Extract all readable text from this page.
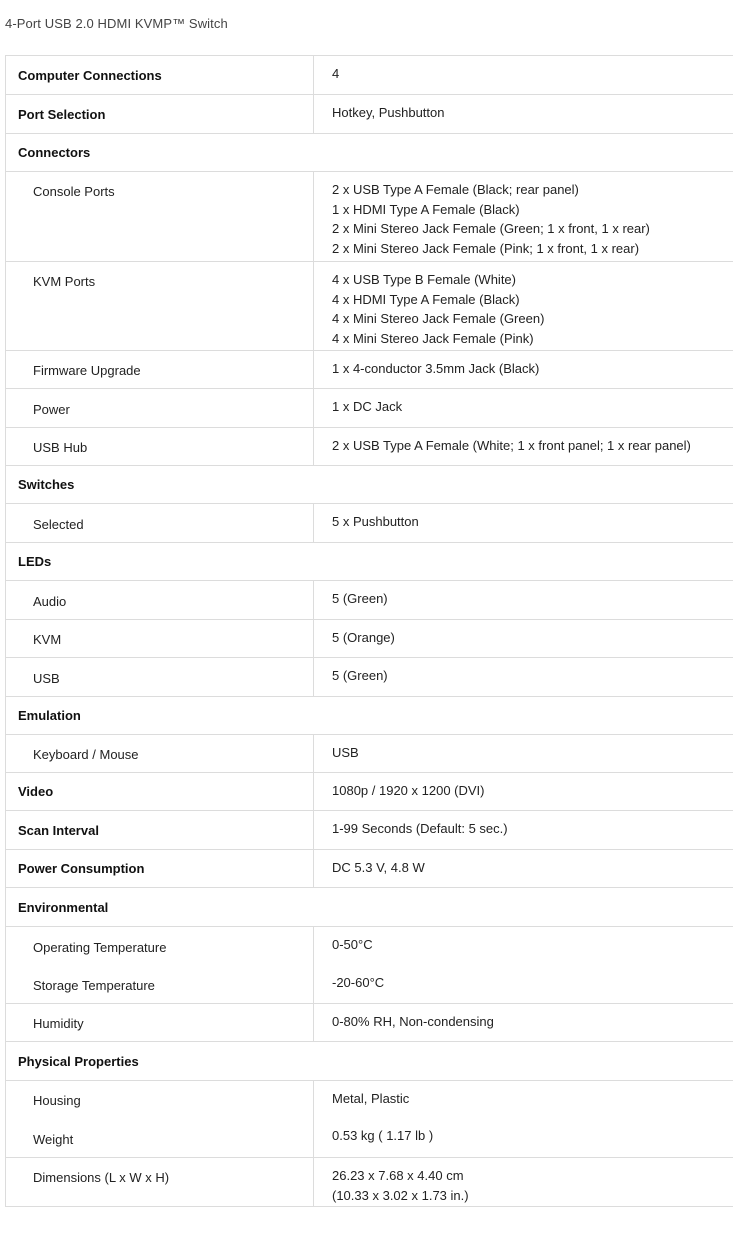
4-Port USB 2.0 HDMI KVMP™ Switch
Computer Connections	4
Port Selection	Hotkey, Pushbutton
Connectors
Console Ports	2 x USB Type A Female (Black; rear panel)
1 x HDMI Type A Female (Black)
2 x Mini Stereo Jack Female (Green; 1 x front, 1 x rear)
2 x Mini Stereo Jack Female (Pink; 1 x front, 1 x rear)
KVM Ports	4 x USB Type B Female (White)
4 x HDMI Type A Female (Black)
4 x Mini Stereo Jack Female (Green)
4 x Mini Stereo Jack Female (Pink)
Firmware Upgrade	1 x 4-conductor 3.5mm Jack (Black)
Power	1 x DC Jack
USB Hub	2 x USB Type A Female (White; 1 x front panel; 1 x rear panel)
Switches
Selected	5 x Pushbutton
LEDs
Audio	5 (Green)
KVM	5 (Orange)
USB	5 (Green)
Emulation
Keyboard / Mouse	USB
Video	1080p / 1920 x 1200 (DVI)
Scan Interval	1-99 Seconds (Default: 5 sec.)
Power Consumption	DC 5.3 V, 4.8 W
Environmental
Operating Temperature	0-50°C
Storage Temperature	-20-60°C
Humidity	0-80% RH, Non-condensing
Physical Properties
Housing	Metal, Plastic
Weight	0.53 kg ( 1.17 lb )
Dimensions (L x W x H)	26.23 x 7.68 x 4.40 cm
(10.33 x 3.02 x 1.73 in.)
